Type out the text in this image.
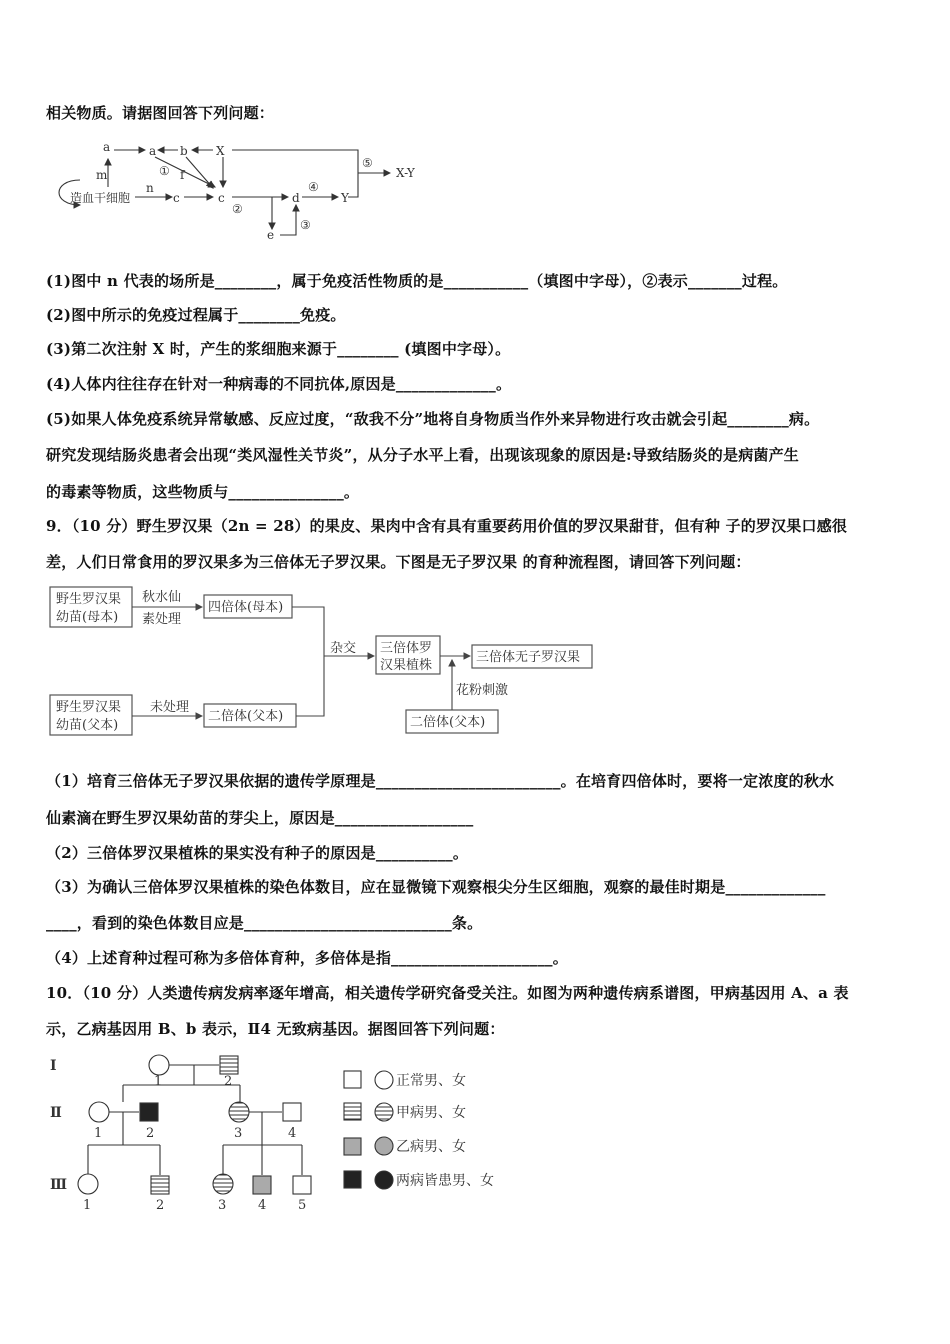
相关物质。请据图回答下列问题：
a
a	b X
m	f
①
c
c
n
②
d
④
Y
e
③
⑤
X-Y
造血干细胞
(1)图中 n 代表的场所是________，属于免疫活性物质的是___________（填图中字母），②表示_______过程。
(2)图中所示的免疫过程属于________免疫。
(3)第二次注射 X 时，产生的浆细胞来源于________ (填图中字母）。
(4)人体内往往存在针对一种病毒的不同抗体,原因是_____________。
(5)如果人体免疫系统异常敏感、反应过度，“敌我不分”地将自身物质当作外来异物进行攻击就会引起________病。
研究发现结肠炎患者会出现“类风湿性关节炎”，从分子水平上看，出现该现象的原因是:导致结肠炎的是病菌产生
的毒素等物质，这些物质与_______________。
9．（10 分）野生罗汉果（2n = 28）的果皮、果肉中含有具有重要药用价值的罗汉果甜苷，但有种 子的罗汉果口感很
差，人们日常食用的罗汉果多为三倍体无子罗汉果。下图是无子罗汉果 的育种流程图，请回答下列问题：
野生罗汉果
幼苗(母本)
秋水仙
素处理
四倍体(母本)
杂交 三倍体罗
汉果植株
三倍体无子罗汉果
野生罗汉果
幼苗(父本)
未处理
二倍体(父本)
花粉刺激
二倍体(父本)
（1）培育三倍体无子罗汉果依据的遗传学原理是________________________。在培育四倍体时，要将一定浓度的秋水
仙素滴在野生罗汉果幼苗的芽尖上，原因是__________________
（2）三倍体罗汉果植株的果实没有种子的原因是__________。
（3）为确认三倍体罗汉果植株的染色体数目，应在显微镜下观察根尖分生区细胞，观察的最佳时期是_____________
____，看到的染色体数目应是___________________________条。
（4）上述育种过程可称为多倍体育种，多倍体是指_____________________。
10．（10 分）人类遗传病发病率逐年增高，相关遗传学研究备受关注。如图为两种遗传病系谱图，甲病基因用 A、a 表
示，乙病基因用 B、b 表示，Ⅱ4 无致病基因。据图回答下列问题：
Ⅰ
Ⅱ
Ⅲ
1	2
1	2	3	4
1	2	3 4 5
正常男、女
甲病男、女
乙病男、女
两病皆患男、女
